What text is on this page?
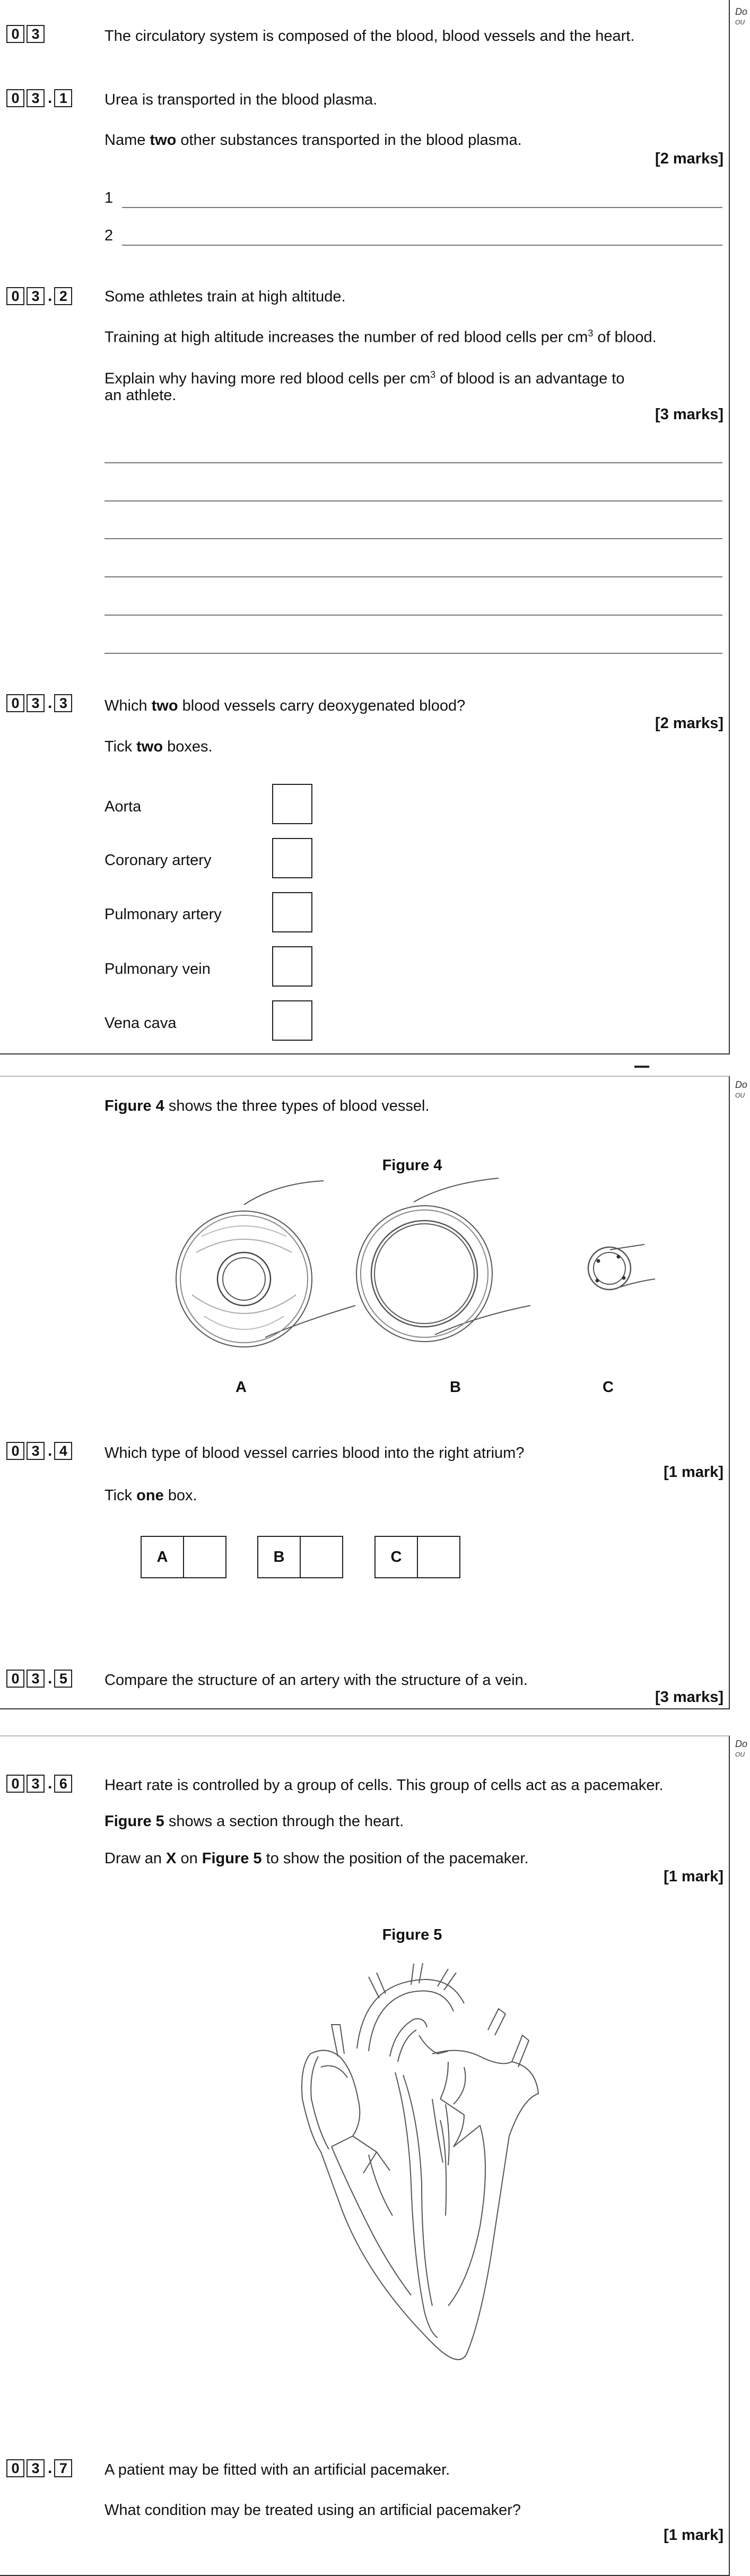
Do
OU
0 3	The circulatory system is composed of the blood, blood vessels and the heart.
0 3 . 1	Urea is transported in the blood plasma.
Name two other substances transported in the blood plasma.
[2 marks]
1
2
0 3 . 2	Some athletes train at high altitude.
Training at high altitude increases the number of red blood cells per $cm^3$ of blood.
Explain why having more red blood cells per $cm^3$ of blood is an advantage to
an athlete.
[3 marks]
0 3 . 3	Which two blood vessels carry deoxygenated blood?
[2 marks]
Tick two boxes.
Aorta
Coronary artery
Pulmonary artery
Pulmonary vein
Vena cava
Do
OU
Figure 4 shows the three types of blood vessel.
Figure 4
A	B	C
0 3 . 4	Which type of blood vessel carries blood into the right atrium?
[1 mark]
Tick one box.
A	B	C
0 3 . 5	Compare the structure of an artery with the structure of a vein.
[3 marks]
Do
OU
0 3 . 6	Heart rate is controlled by a group of cells. This group of cells act as a pacemaker.
Figure 5 shows a section through the heart.
Draw an X on Figure 5 to show the position of the pacemaker.
[1 mark]
Figure 5
0 3 . 7	A patient may be fitted with an artificial pacemaker.
What condition may be treated using an artificial pacemaker?
[1 mark]
